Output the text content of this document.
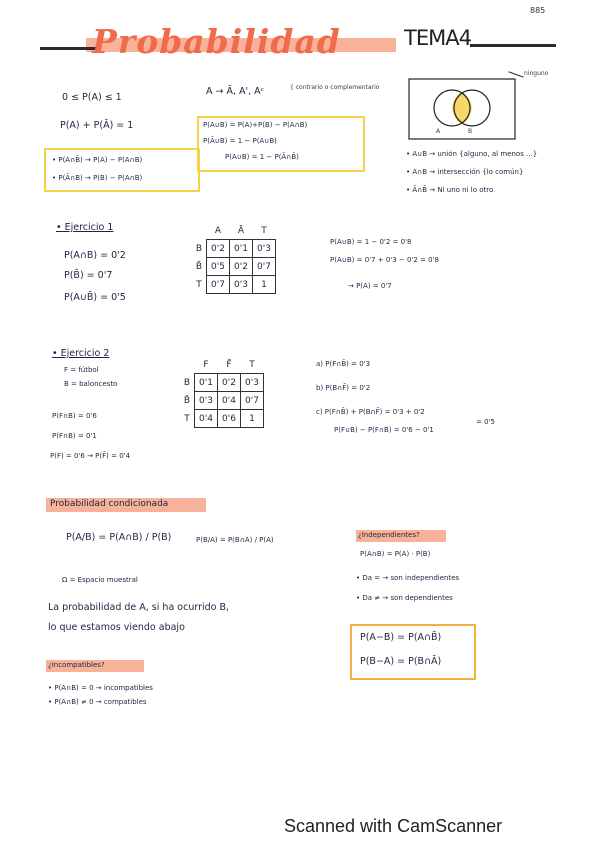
885
Probabilidad	TEMA4
0 ≤ P(A) ≤ 1
P(A) + P(Ā) = 1
A → Ā, A', Aᶜ	{ contrario o complementario
P(A∪B) = P(A)+P(B) − P(A∩B)
P(Ā∪B) = 1 − P(A∪B)
P(A∪B) = 1 − P(Ā∩B̄)
• P(A∩B̄) → P(A) − P(A∩B)
• P(Ā∩B) → P(B) − P(A∩B)
A	B
ninguno
• A∪B → unión {alguno, al menos ...}
• A∩B → intersección {lo común}
• Ā∩B̄ → Ni uno ni lo otro
• Ejercicio 1
P(A∩B) = 0'2
P(B̄) = 0'7
P(A∪B̄) = 0'5
	A	Ā	T
B	0'2	0'1	0'3
B̄	0'5	0'2	0'7
T	0'7	0'3	1
P(A∪B) = 1 − 0'2 = 0'8
P(A∪B) = 0'7 + 0'3 − 0'2 = 0'8
→ P(A) = 0'7
• Ejercicio 2
F = fútbol
B = baloncesto
P(F∩B) = 0'6
P(F∩B) = 0'1
P(F) = 0'6 → P(F̄) = 0'4
	F	F̄	T
B	0'1	0'2	0'3
B̄	0'3	0'4	0'7
T	0'4	0'6	1
a) P(F∩B̄) = 0'3
b) P(B∩F̄) = 0'2
c) P(F∩B̄) + P(B∩F̄) = 0'3 + 0'2
P(F∪B) − P(F∩B) = 0'6 − 0'1
= 0'5
Probabilidad condicionada
P(A/B) = P(A∩B) / P(B)	P(B/A) = P(B∩A) / P(A)
Ω = Espacio muestral
La probabilidad de A, si ha ocurrido B,
lo que estamos viendo abajo
¿Independientes?
P(A∩B) = P(A) · P(B)
• Da = → son independientes
• Da ≠ → son dependientes
P(A−B) = P(A∩B̄)
P(B−A) = P(B∩Ā)
¿Incompatibles?
• P(A∩B) = 0 → incompatibles
• P(A∩B) ≠ 0 → compatibles
Scanned with CamScanner
